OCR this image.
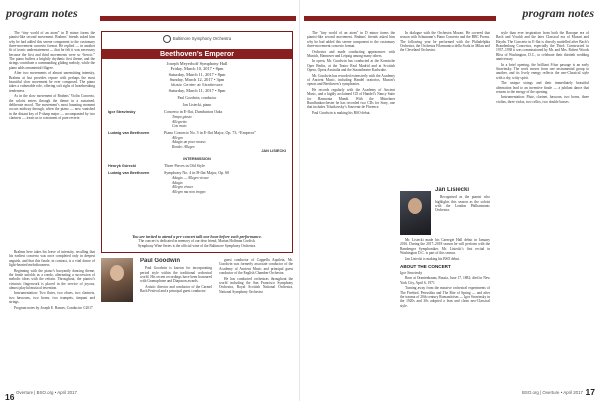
program notes

The “tiny world of an atom” in D minor forms the pianist-like second movement. Brahms’ friends asked him why he had added this serene component to the customary three-movement concerto format. He replied — in another fit of ironic understatement — that he felt it was necessary because the first and third movements were so “heroic.” The piano buffers a brightly rhythmic first theme, and the strings contribute a commanding gliding melody, while the piano adds ornamental filigree.

After two movements of almost unremitting intensity, Brahms at last provides repose with perhaps the most beautiful slow movement he ever composed. The piano takes a vulnerable role, offering soft sighs of heartbreaking tenderness.

As in the slow movement of Brahms’ Violin Concerto, the soloist enters through the theme in a sustained, deliberate mood. The movement’s most haunting moment occurs midway through, when the piano — now vanished in the distant key of F-sharp major — accompanied by two clarinets — treats us to a moment of pure reverie.

Baltimore Symphony Orchestra
Beethoven’s Emperor
Joseph Meyerhoff Symphony Hall
Friday, March 10, 2017 • 8pm
Saturday, March 11, 2017 • 8pm
Sunday, March 12, 2017 • 3pm
Music Center at Strathmore
Saturday, March 11, 2017 • 8pm
Paul Goodwin, conductor
Jan Lisiecki, piano
Igor Stravinsky	Concerto in E-flat, Dumbarton Oaks
Tempo giusto
Allegretto
Con moto
Ludwig van Beethoven	Piano Concerto No. 5 in E-flat Major, Op. 73, “Emperor”
Allegro
Adagio un poco mosso
Rondo: Allegro
JAN LISIECKI
INTERMISSION
Henryk Górecki	Three Pieces in Old Style
Ludwig van Beethoven	Symphony No. 4 in B-flat Major, Op. 60
Adagio — Allegro vivace
Adagio
Allegro vivace
Allegro ma non troppo
You are invited to attend a pre-concert talk one hour before each performance.
The concert is dedicated in memory of our dear friend, Marian Hoffman Cordish.
Symphony Wine Series is the official wine of the Baltimore Symphony Orchestra.

Brahms here takes his leave of intensity, recalling that his earliest concerto was once completed only in deepest anguish, and that this finale, in contrast, is a vital dance of light-hearted melodiousness.

Beginning with the piano’s buoyantly dancing theme, the finale unfolds as a rondo, alternating a succession of melodic ideas with the refrain. Throughout, the pianist’s virtuosic fingerwork is placed in the service of joyous, almost playful musical invention.

Instrumentation: Two flutes, two oboes, two clarinets, two bassoons, two horns, two trumpets, timpani and strings.

Program notes by Joseph E. Barnes, Conductor ©2017

Paul Goodwin

Paul Goodwin is known for incorporating period style within the traditional orchestral world. His recent recordings have been honoured with Gramophone and Diapason awards.

Artistic director and conductor of the Carmel Bach Festival and a principal guest conductor

guest conductor of Cappella Aquileia, Mr. Goodwin was formerly associate conductor of the Academy of Ancient Music and principal guest conductor of the English Chamber Orchestra.

He has conducted orchestras throughout the world including the San Francisco Symphony Orchestra, Royal Scottish National Orchestra, National Symphony Orchestra

16 Overture | BSO.org • April 2017
program notes

The "tiny world of an atom" in D minor forms the pianist-like second movement. Brahms' friends asked him why he had added this serene component to the customary three-movement concerto format.

Orchestra and made conducting appearances with Munich, Hannover and Leipzig among many others.

In opera, Mr. Goodwin has conducted at the Komische Oper Berlin, at the Teatro Real Madrid and at Scottish Opera, Opera Australia and the Staatstheater Karlsruhe.

Mr. Goodwin has recorded extensively with the Academy of Ancient Music, including Handel oratorios, Mozart's operas and Beethoven’s symphonies.

He records regularly with the Academy of Ancient Music, and a highly acclaimed CD of Handel’s Nancy Suite for Harmonia Mundi. With the Münchner Rundfunkorchester he has recorded two CDs for Sony, one that includes Tchaikovsky’s Souvenir de Florence.

Paul Goodwin is making his BSO debut.

In dialogue with the Orchestra Mozart. He covered that season with Schumann’s Piano Concerto and the BBC Proms. The following year he performed with the Philadelphia Orchestra, the Orchestra Filarmonica della Scala in Milan and the Cleveland Orchestra.

Jan Lisiecki

Recognised as the pianist who highlights this season as the soloist with the London Philharmonic Orchestra.

Mr. Lisiecki made his Carnegie Hall debut in January 2016. During the 2017–2018 season he will perform with the Bamberger Symphoniker. Mr. Lisiecki’s first recital in Washington D.C. is part of this season.

Jan Lisiecki is making his BSO debut.

ABOUT THE CONCERT

Igor Stravinsky

Born at Oranienbaum, Russia, June 17, 1882; died in New York City, April 6, 1971

Turning away from the massive orchestral experiments of The Firebird, Petrushka and The Rite of Spring — and after the trauma of 20th century Romanticism — Igor Stravinsky in the 1920s and 30s adopted a lean and clean neo-Classical style.

style than ever inspiration from both the Baroque era of Bach and Vivaldi and the later Classical era of Mozart and Haydn. The Concerto in E-flat is directly modelled after Bach’s Brandenburg Concertos, especially the Third. Constructed in 1937–1938 it was commissioned by Mr. and Mrs. Robert Woods Bliss of Washington, D.C., to celebrate their thirtieth wedding anniversary.

In a brief opening, the brilliant 8-bar passage is an early Stravinsky. The work moves from one instrumental group to another, and its lively energy reflects the neo-Classical style with a dry, witty spirit.

The unique strings and their immediately beautiful alternation lead to an inventive finale — a jubilant dance that returns to the energy of the opening.

Instrumentation: Flute, clarinet, bassoon, two horns, three violins, three violas, two cellos, two double basses.

BSO.org | Overture • April 2017 17
